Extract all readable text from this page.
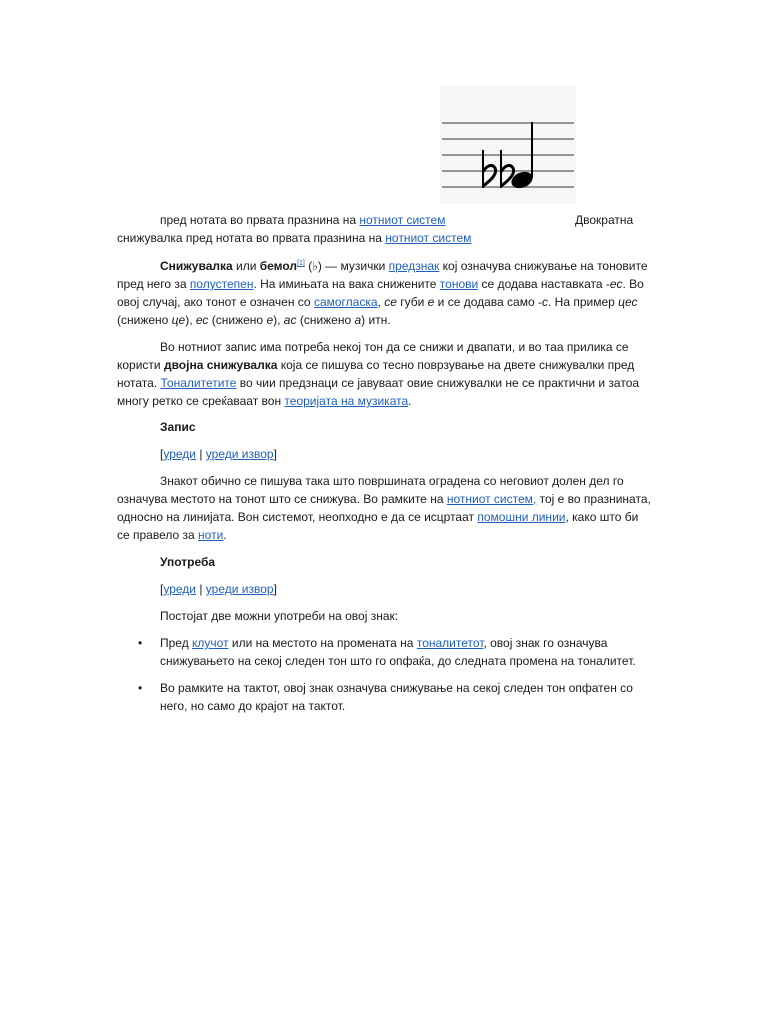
пред нотата во првата празнина на нотниот систем	Двократна
снижувалка пред нотата во првата празнина на нотниот систем

Снижувалка или бемол[1] (♭) — музички предзнак кој означува снижување на тоновите пред него за полустепен. На имињата на вака снижените тонови се додава наставката -ес. Во овој случај, ако тонот е означен со самогласка, се губи е и се додава само -с. На пример цес (снижено це), ес (снижено е), ас (снижено а) итн.

Во нотниот запис има потреба некој тон да се снижи и двапати, и во таа прилика се користи двојна снижувалка која се пишува со тесно поврзување на двете снижувалки пред нотата. Тоналитетите во чии предзнаци се јавуваат овие снижувалки не се практични и затоа многу ретко се среќаваат вон теоријата на музиката.

Запис
[уреди | уреди извор]

Знакот обично се пишува така што површината оградена со неговиот долен дел го означува местото на тонот што се снижува. Во рамките на нотниот систем, тој е во празнината, односно на линијата. Вон системот, неопходно е да се исцртаат помошни линии, како што би се правело за ноти.

Употреба
[уреди | уреди извор]
Постојат две можни употреби на овој знак:
• Пред клучот или на местото на промената на тоналитетот, овој знак го означува снижувањето на секој следен тон што го опфаќа, до следната промена на тоналитет.
• Во рамките на тактот, овој знак означува снижување на секој следен тон опфатен со него, но само до крајот на тактот.
